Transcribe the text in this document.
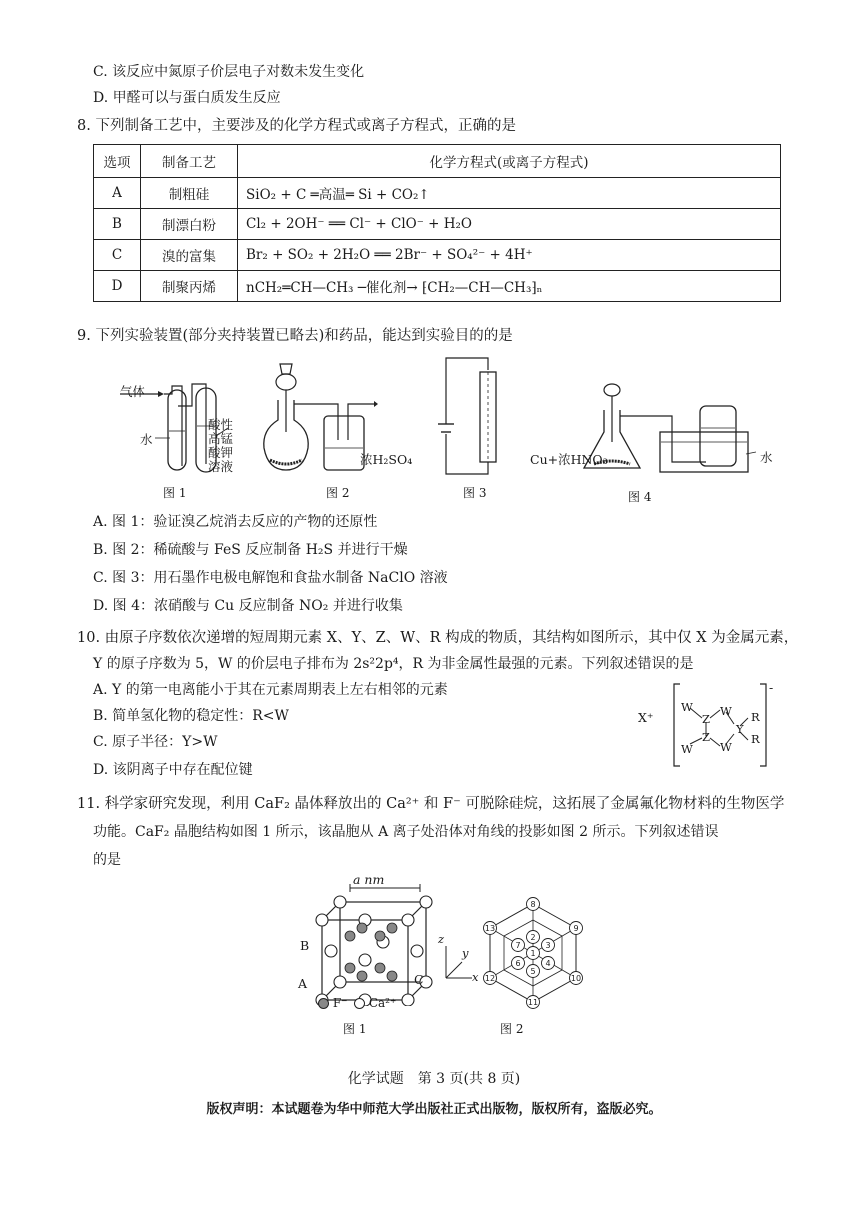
C. 该反应中氮原子价层电子对数未发生变化
D. 甲醛可以与蛋白质发生反应
8. 下列制备工艺中，主要涉及的化学方程式或离子方程式，正确的是
选项	制备工艺	化学方程式(或离子方程式)
A	制粗硅	SiO₂ + C ═高温═ Si + CO₂↑
B	制漂白粉	Cl₂ + 2OH⁻ ══ Cl⁻ + ClO⁻ + H₂O
C	溴的富集	Br₂ + SO₂ + 2H₂O ══ 2Br⁻ + SO₄²⁻ + 4H⁺
D	制聚丙烯	nCH₂═CH—CH₃ ─催化剂→ ⁅CH₂—CH—CH₃⁆ₙ
9. 下列实验装置(部分夹持装置已略去)和药品，能达到实验目的的是
气体
水
酸性
高锰
酸钾
溶液
图 1
浓H₂SO₄
图 2	图 3
Cu+浓HNO₃	水
图 4
A. 图 1：验证溴乙烷消去反应的产物的还原性
B. 图 2：稀硫酸与 FeS 反应制备 H₂S 并进行干燥
C. 图 3：用石墨作电极电解饱和食盐水制备 NaClO 溶液
D. 图 4：浓硝酸与 Cu 反应制备 NO₂ 并进行收集
10. 由原子序数依次递增的短周期元素 X、Y、Z、W、R 构成的物质，其结构如图所示，其中仅 X 为金属元素，
Y 的原子序数为 5，W 的价层电子排布为 2s²2p⁴，R 为非金属性最强的元素。下列叙述错误的是
A. Y 的第一电离能小于其在元素周期表上左右相邻的元素
B. 简单氢化物的稳定性：R<W
C. 原子半径：Y>W
D. 该阴离子中存在配位键
X⁺
-
W
Z
W
Y
R
R
W
Z
W
11. 科学家研究发现，利用 CaF₂ 晶体释放出的 Ca²⁺ 和 F⁻ 可脱除硅烷，这拓展了金属氟化物材料的生物医学
功能。CaF₂ 晶胞结构如图 1 所示，该晶胞从 A 离子处沿体对角线的投影如图 2 所示。下列叙述错误
的是
a nm
B
A	C
F⁻	Ca²⁺
图 1
z
y
x
1
2
3
4
5
6
7
8
9
10
11
12
13
图 2
化学试题　第 3 页(共 8 页)
版权声明：本试题卷为华中师范大学出版社正式出版物，版权所有，盗版必究。
